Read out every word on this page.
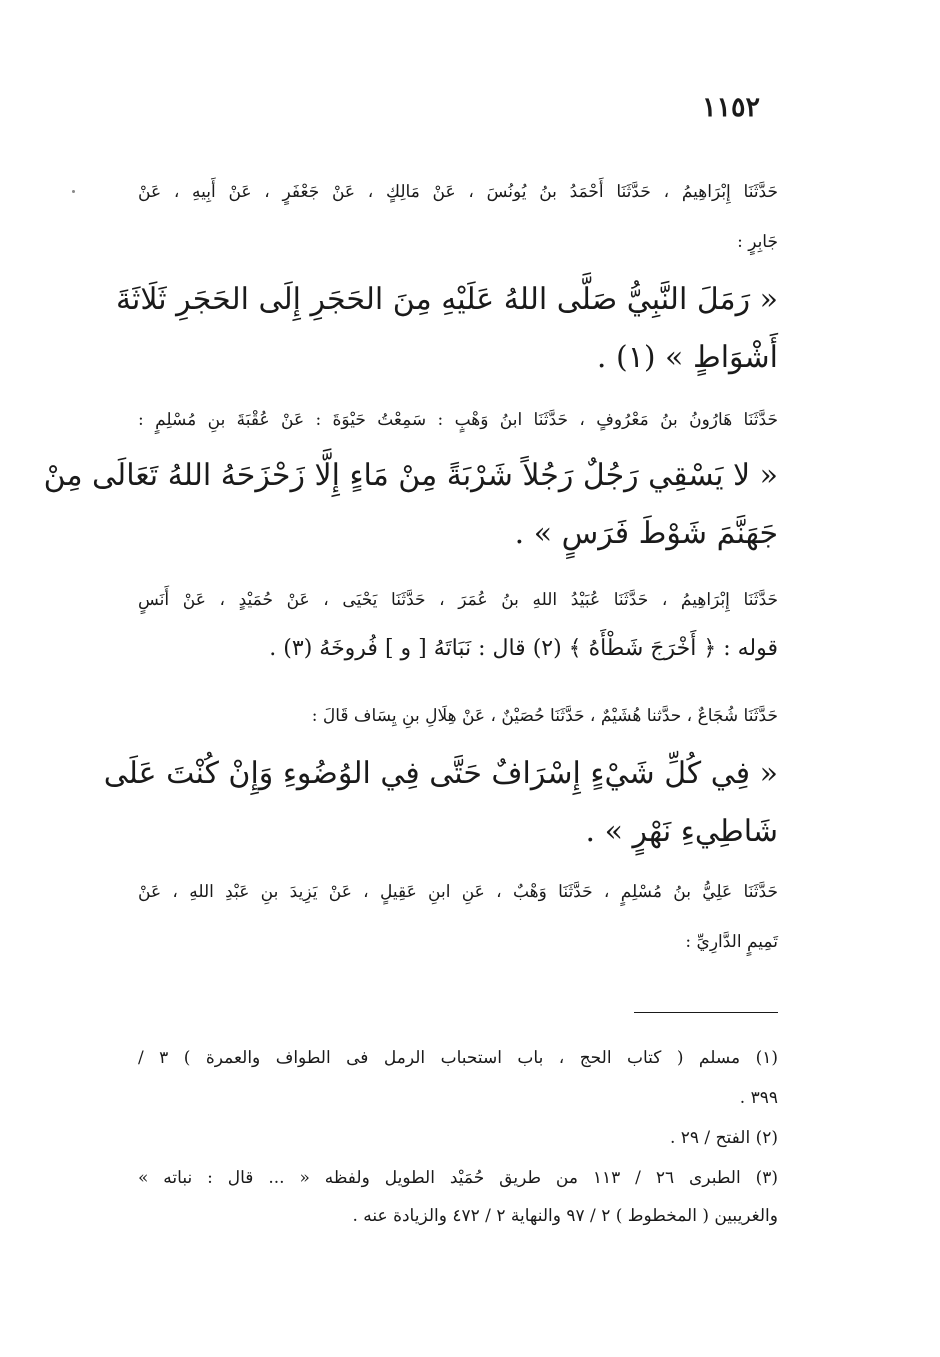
١١٥٢
حَدَّثَنَا إِبْرَاهِيمُ ، حَدَّثَنَا أَحْمَدُ بنُ يُونُسَ ، عَنْ مَالِكٍ ، عَنْ جَعْفَرٍ ، عَنْ أَبِيهِ ، عَنْ
جَابِرٍ :
« رَمَلَ النَّبِيُّ صَلَّى اللهُ عَلَيْهِ مِنَ الحَجَرِ إِلَى الحَجَرِ ثَلَاثَةَ
أَشْوَاطٍ » (١) .
حَدَّثَنَا هَارُونُ بنُ مَعْرُوفٍ ، حَدَّثَنَا ابنُ وَهْبٍ : سَمِعْتُ حَيْوَةَ : عَنْ عُقْبَةَ بنِ مُسْلِمٍ :
« لا يَسْقِي رَجُلٌ رَجُلاً شَرْبَةً مِنْ مَاءٍ إِلَّا زَحْزَحَهُ اللهُ تَعَالَى مِنْ
جَهَنَّمَ شَوْطَ فَرَسٍ » .
حَدَّثَنَا إِبْرَاهِيمُ ، حَدَّثَنَا عُبَيْدُ اللهِ بنُ عُمَرَ ، حَدَّثَنَا يَحْيَى ، عَنْ حُمَيْدٍ ، عَنْ أَنَسٍ
قوله : ﴿ أَخْرَجَ شَطْأَهُ ﴾ (٢) قال : نَبَاتَهُ [ و ] فُروخَهُ (٣) .
حَدَّثَنَا شُجَاعٌ ، حدَّثنا هُشَيْمٌ ، حَدَّثَنَا حُصَيْنٌ ، عَنْ هِلَالِ بنِ يِسَاف قَالَ :
« فِي كُلِّ شَيْءٍ إِسْرَافٌ حَتَّى فِي الوُضُوءِ وَإِنْ كُنْتَ عَلَى
شَاطِيءِ نَهْرٍ » .
حَدَّثَنَا عَلِيُّ بنُ مُسْلِمٍ ، حَدَّثَنَا وَهْبٌ ، عَنِ ابنِ عَقِيلٍ ، عَنْ يَزِيدَ بنِ عَبْدِ اللهِ ، عَنْ
تَمِيمٍ الدَّارِيِّ :
(١) مسلم ( كتاب الحج ، باب استحباب الرمل فى الطواف والعمرة ) ٣ /
٣٩٩ .
(٢) الفتح / ٢٩ .
(٣) الطبرى ٢٦ / ١١٣ من طريق حُمَيْد الطويل ولفظه « ... قال : نباته »
والغريبين ( المخطوط ) ٢ / ٩٧ والنهاية ٢ / ٤٧٢ والزيادة عنه .
